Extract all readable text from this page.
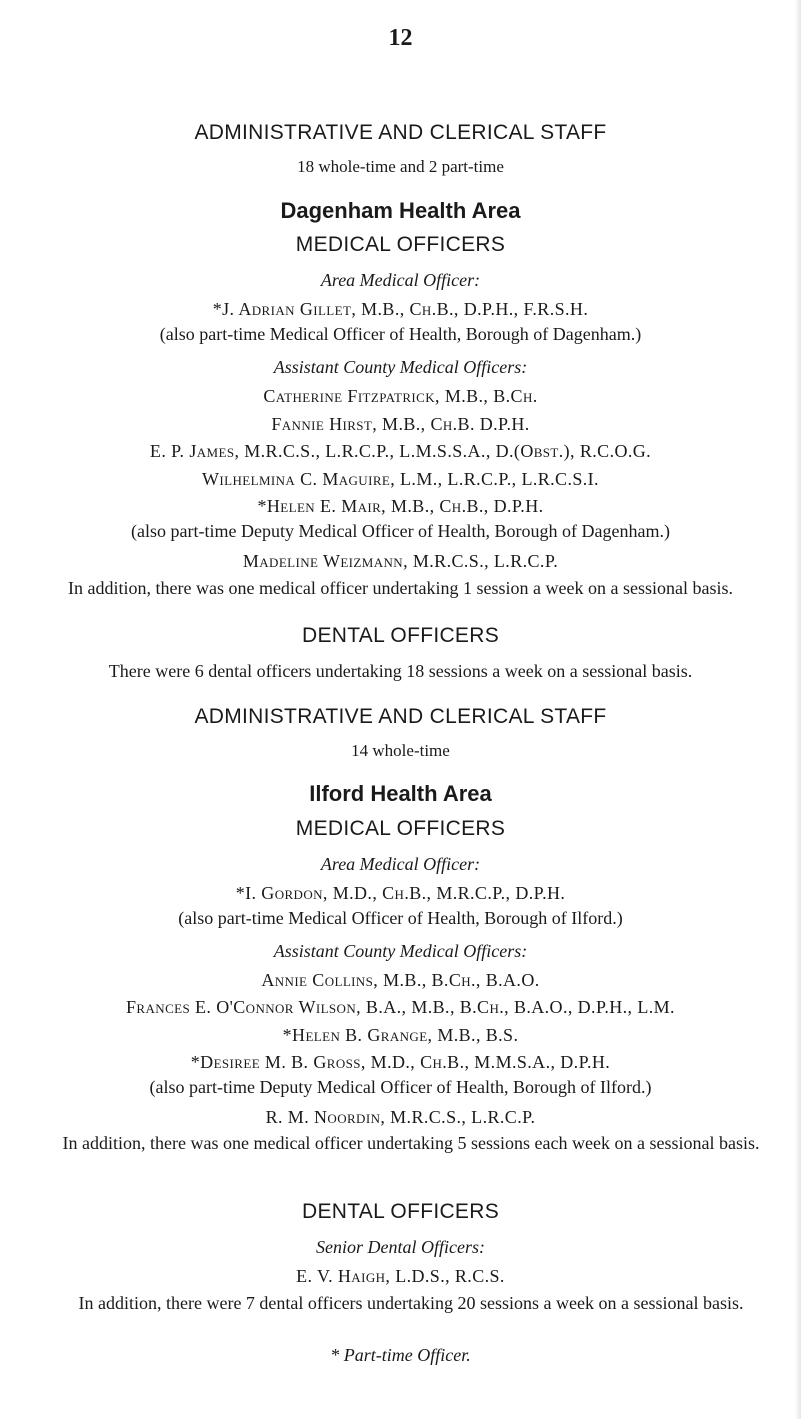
12
ADMINISTRATIVE AND CLERICAL STAFF
18 whole-time and 2 part-time
Dagenham Health Area
MEDICAL OFFICERS
Area Medical Officer:
*J. Adrian Gillet, M.B., Ch.B., D.P.H., F.R.S.H.
(also part-time Medical Officer of Health, Borough of Dagenham.)
Assistant County Medical Officers:
Catherine Fitzpatrick, M.B., B.Ch.
Fannie Hirst, M.B., Ch.B. D.P.H.
E. P. James, M.R.C.S., L.R.C.P., L.M.S.S.A., D.(Obst.), R.C.O.G.
Wilhelmina C. Maguire, L.M., L.R.C.P., L.R.C.S.I.
*Helen E. Mair, M.B., Ch.B., D.P.H.
(also part-time Deputy Medical Officer of Health, Borough of Dagenham.)
Madeline Weizmann, M.R.C.S., L.R.C.P.
In addition, there was one medical officer undertaking 1 session a week on a sessional basis.
DENTAL OFFICERS
There were 6 dental officers undertaking 18 sessions a week on a sessional basis.
ADMINISTRATIVE AND CLERICAL STAFF
14 whole-time
Ilford Health Area
MEDICAL OFFICERS
Area Medical Officer:
*I. Gordon, M.D., Ch.B., M.R.C.P., D.P.H.
(also part-time Medical Officer of Health, Borough of Ilford.)
Assistant County Medical Officers:
Annie Collins, M.B., B.Ch., B.A.O.
Frances E. O'Connor Wilson, B.A., M.B., B.Ch., B.A.O., D.P.H., L.M.
*Helen B. Grange, M.B., B.S.
*Desiree M. B. Gross, M.D., Ch.B., M.M.S.A., D.P.H.
(also part-time Deputy Medical Officer of Health, Borough of Ilford.)
R. M. Noordin, M.R.C.S., L.R.C.P.
In addition, there was one medical officer undertaking 5 sessions each week on a sessional basis.
DENTAL OFFICERS
Senior Dental Officers:
E. V. Haigh, L.D.S., R.C.S.
In addition, there were 7 dental officers undertaking 20 sessions a week on a sessional basis.
* Part-time Officer.
